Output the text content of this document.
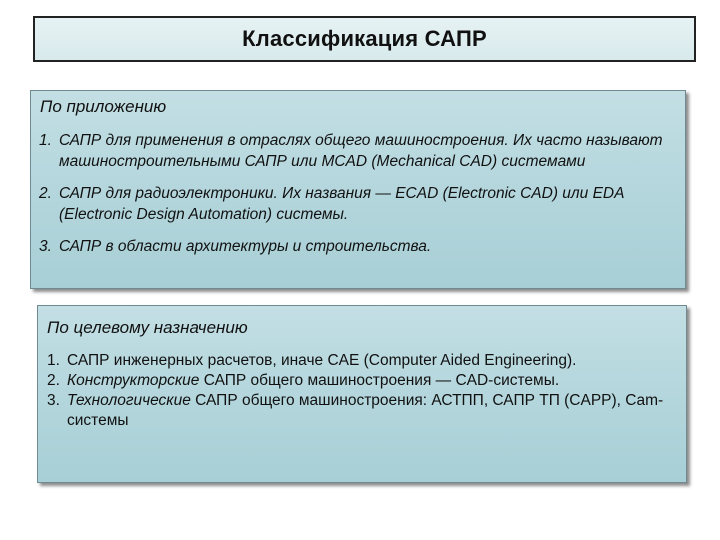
Классификация САПР
По приложению
1. САПР для применения в отраслях общего машиностроения. Их часто называют машиностроительными САПР или MCAD (Mechanical CAD) системами
2. САПР для радиоэлектроники. Их названия — ECAD (Electronic CAD) или EDA (Electronic Design Automation) системы.
3. САПР в области архитектуры и строительства.
По целевому назначению
1. САПР инженерных расчетов, иначе CAE (Computer Aided Engineering).
2. Конструкторские САПР общего машиностроения — CAD-системы.
3. Технологические САПР общего машиностроения: АСТПП, САПР ТП (CAPP), Cam-системы
